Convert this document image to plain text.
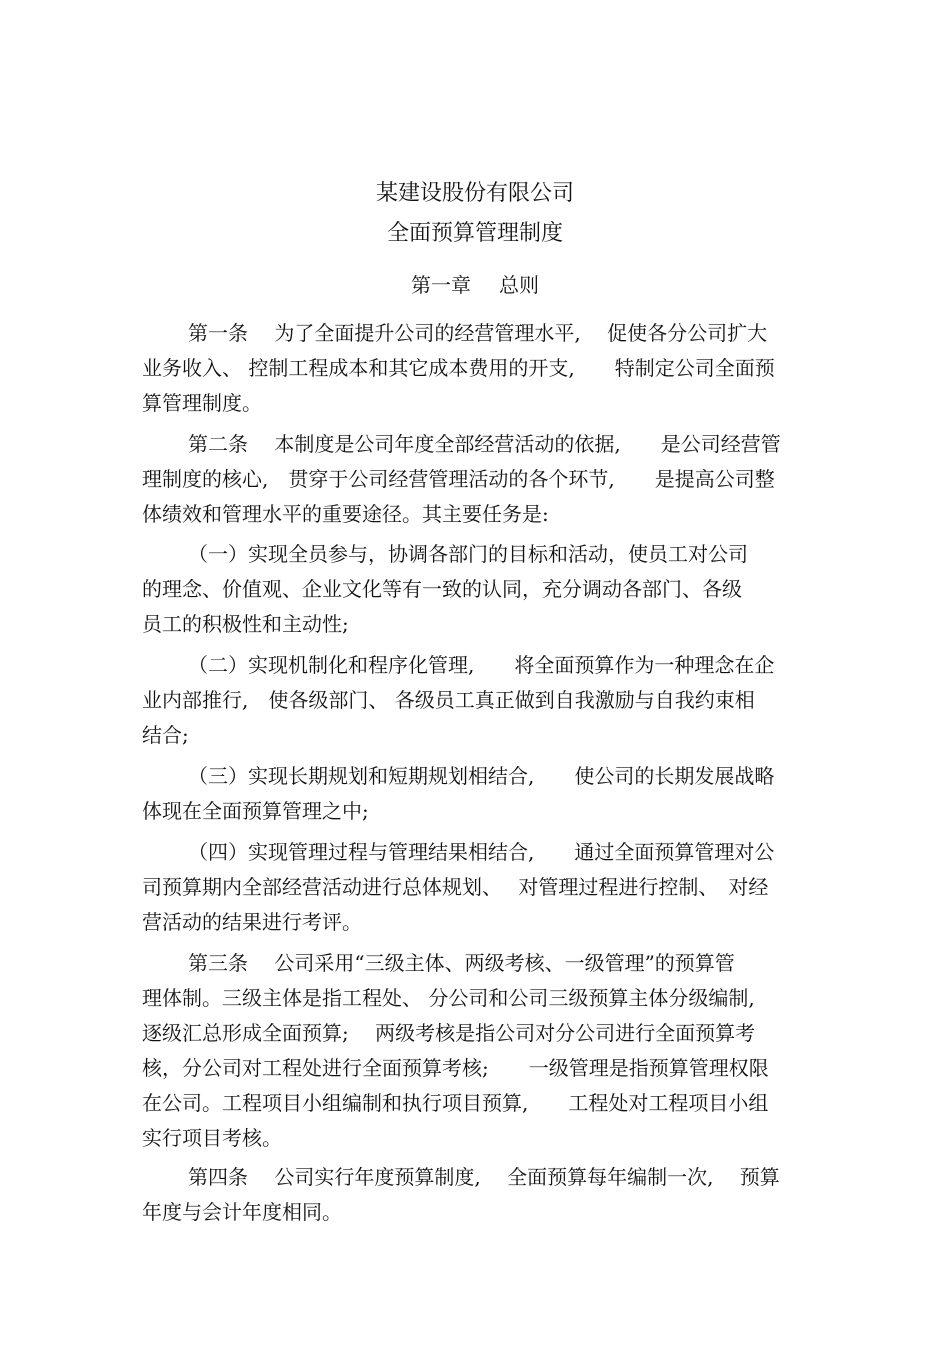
某建设股份有限公司
全面预算管理制度
第一章 总则
第一条　 为了全面提升公司的经营管理水平,　 促使各分公司扩大
业务收入、 控制工程成本和其它成本费用的开支,　　特制定公司全面预
算管理制度。
第二条　 本制度是公司年度全部经营活动的依据,　　是公司经营管
理制度的核心,　贯穿于公司经营管理活动的各个环节,　　是提高公司整
体绩效和管理水平的重要途径。其主要任务是:
（一）实现全员参与，协调各部门的目标和活动，使员工对公司
的理念、价值观、企业文化等有一致的认同，充分调动各部门、各级
员工的积极性和主动性;
（二）实现机制化和程序化管理,　　将全面预算作为一种理念在企
业内部推行,　使各级部门、 各级员工真正做到自我激励与自我约束相
结合;
（三）实现长期规划和短期规划相结合,　　使公司的长期发展战略
体现在全面预算管理之中;
（四）实现管理过程与管理结果相结合,　　通过全面预算管理对公
司预算期内全部经营活动进行总体规划、　 对管理过程进行控制、　对经
营活动的结果进行考评。
第三条　 公司采用“三级主体、两级考核、一级管理”的预算管
理体制。三级主体是指工程处、 分公司和公司三级预算主体分级编制,
逐级汇总形成全面预算;　 两级考核是指公司对分公司进行全面预算考
核，分公司对工程处进行全面预算考核;　　一级管理是指预算管理权限
在公司。工程项目小组编制和执行项目预算,　　工程处对工程项目小组
实行项目考核。
第四条　 公司实行年度预算制度,　 全面预算每年编制一次,　 预算
年度与会计年度相同。
